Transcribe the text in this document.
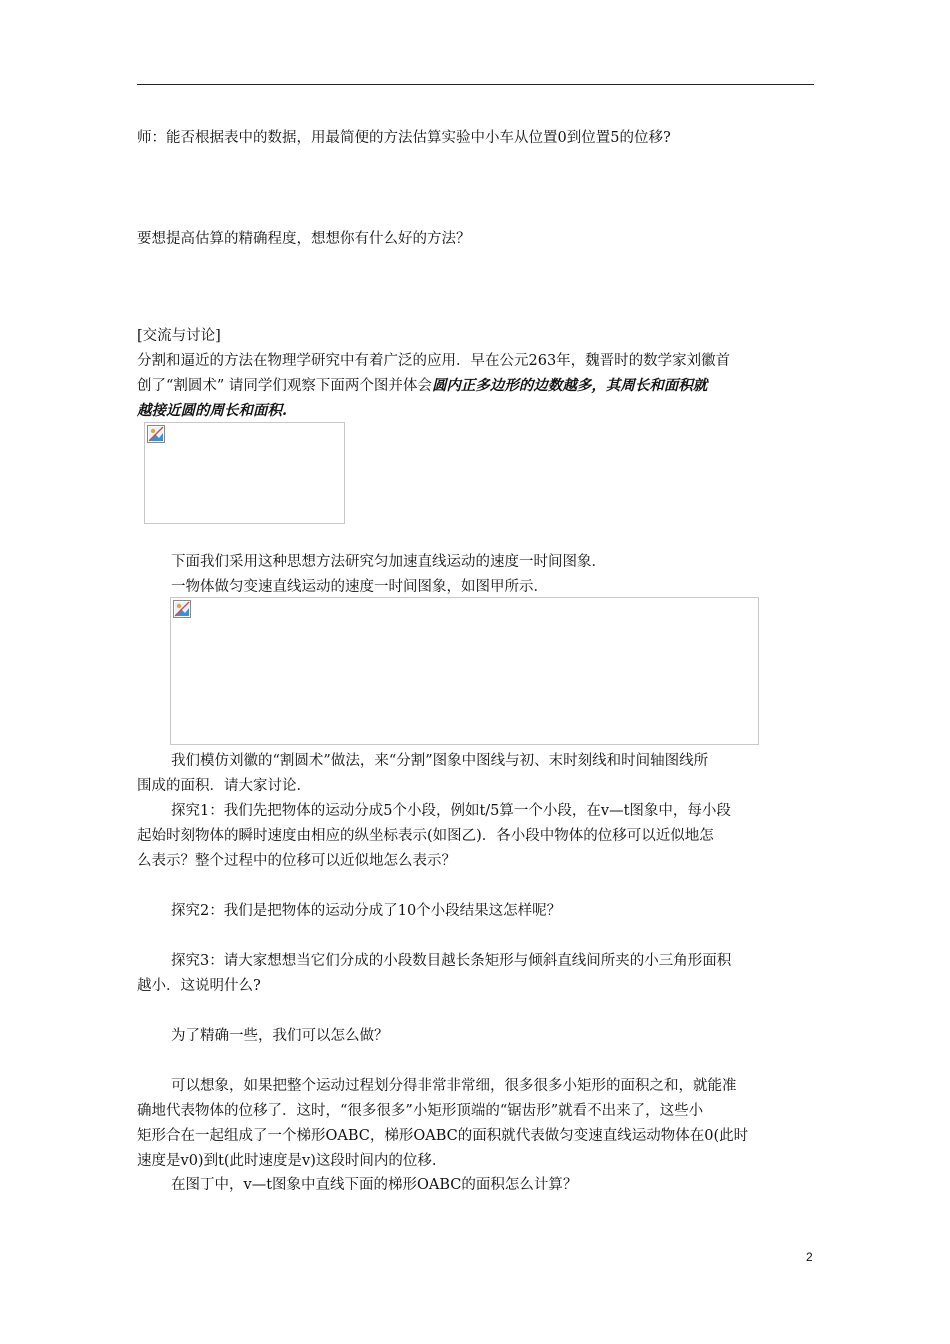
师：能否根据表中的数据，用最简便的方法估算实验中小车从位置0到位置5的位移?
要想提高估算的精确程度，想想你有什么好的方法？
[交流与讨论]
分割和逼近的方法在物理学研究中有着广泛的应用．早在公元263年，魏晋时的数学家刘徽首
创了“割圆术” 请同学们观察下面两个图并体会圆内正多边形的边数越多，其周长和面积就
越接近圆的周长和面积.
下面我们采用这种思想方法研究匀加速直线运动的速度一时间图象．
一物体做匀变速直线运动的速度一时间图象，如图甲所示．
我们模仿刘徽的“割圆术”做法，来“分割”图象中图线与初、末时刻线和时间轴图线所
围成的面积．请大家讨论．
探究1：我们先把物体的运动分成5个小段，例如t/5算一个小段，在v—t图象中，每小段
起始时刻物体的瞬时速度由相应的纵坐标表示(如图乙)．各小段中物体的位移可以近似地怎
么表示？整个过程中的位移可以近似地怎么表示？
探究2：我们是把物体的运动分成了10个小段结果这怎样呢？
探究3：请大家想想当它们分成的小段数目越长条矩形与倾斜直线间所夹的小三角形面积
越小．这说明什么?
为了精确一些，我们可以怎么做？
可以想象，如果把整个运动过程划分得非常非常细，很多很多小矩形的面积之和，就能准
确地代表物体的位移了．这时，“很多很多”小矩形顶端的“锯齿形”就看不出来了，这些小
矩形合在一起组成了一个梯形OABC，梯形OABC的面积就代表做匀变速直线运动物体在0(此时
速度是v0)到t(此时速度是v)这段时间内的位移.
在图丁中，v—t图象中直线下面的梯形OABC的面积怎么计算？
2
